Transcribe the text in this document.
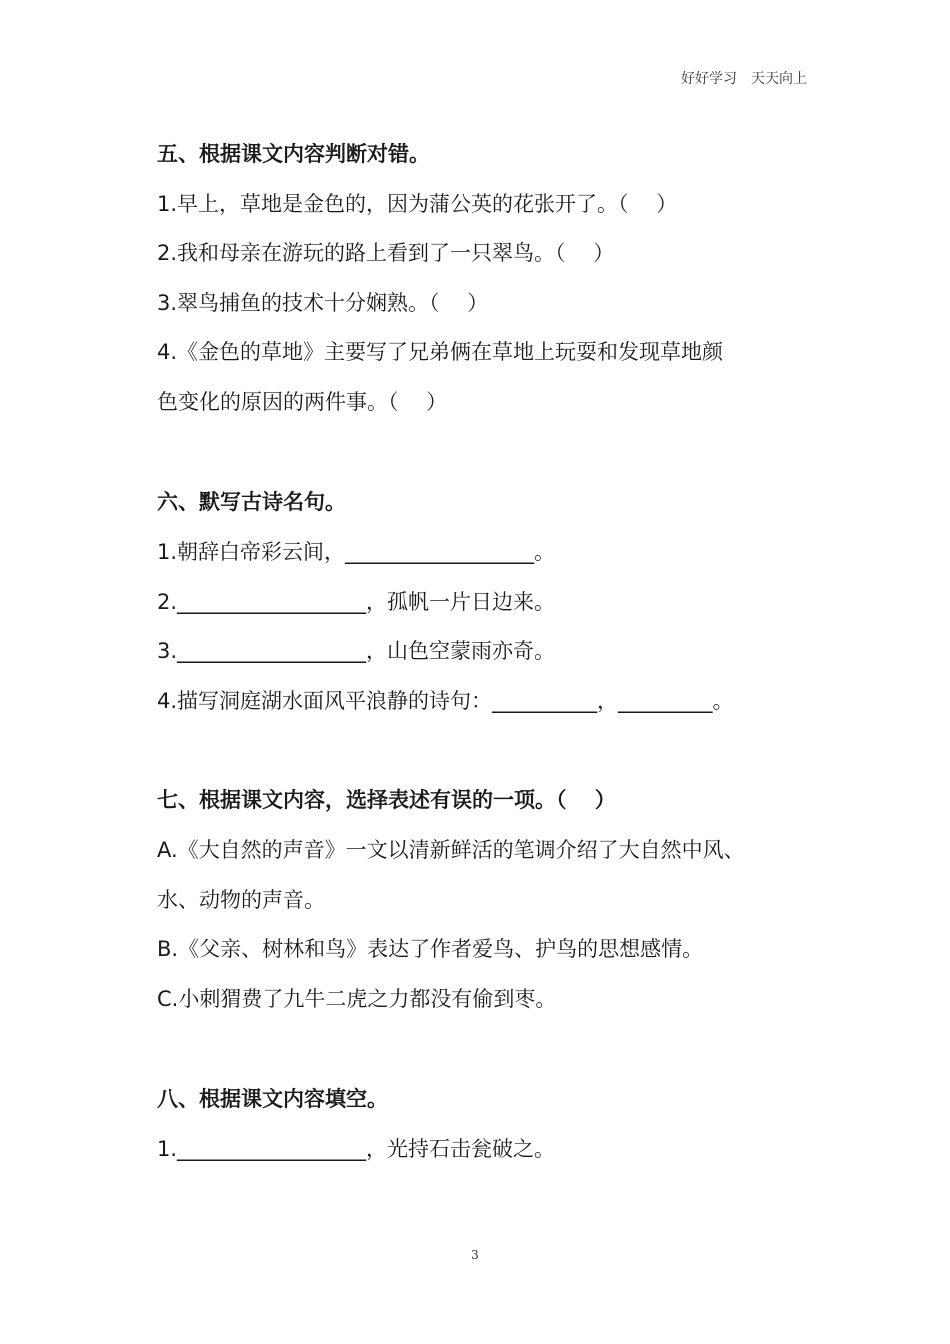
好好学习　天天向上
五、根据课文内容判断对错。
1.早上，草地是金色的，因为蒲公英的花张开了。（　 ）
2.我和母亲在游玩的路上看到了一只翠鸟。（　 ）
3.翠鸟捕鱼的技术十分娴熟。（　 ）
4.《金色的草地》主要写了兄弟俩在草地上玩耍和发现草地颜
色变化的原因的两件事。（　 ）
六、默写古诗名句。
1.朝辞白帝彩云间，__________________。
2.__________________，孤帆一片日边来。
3.__________________，山色空蒙雨亦奇。
4.描写洞庭湖水面风平浪静的诗句：__________，_________。
七、根据课文内容，选择表述有误的一项。（　 ）
A.《大自然的声音》一文以清新鲜活的笔调介绍了大自然中风、
水、动物的声音。
B.《父亲、树林和鸟》表达了作者爱鸟、护鸟的思想感情。
C.小刺猬费了九牛二虎之力都没有偷到枣。
八、根据课文内容填空。
1.__________________，光持石击瓮破之。
3
